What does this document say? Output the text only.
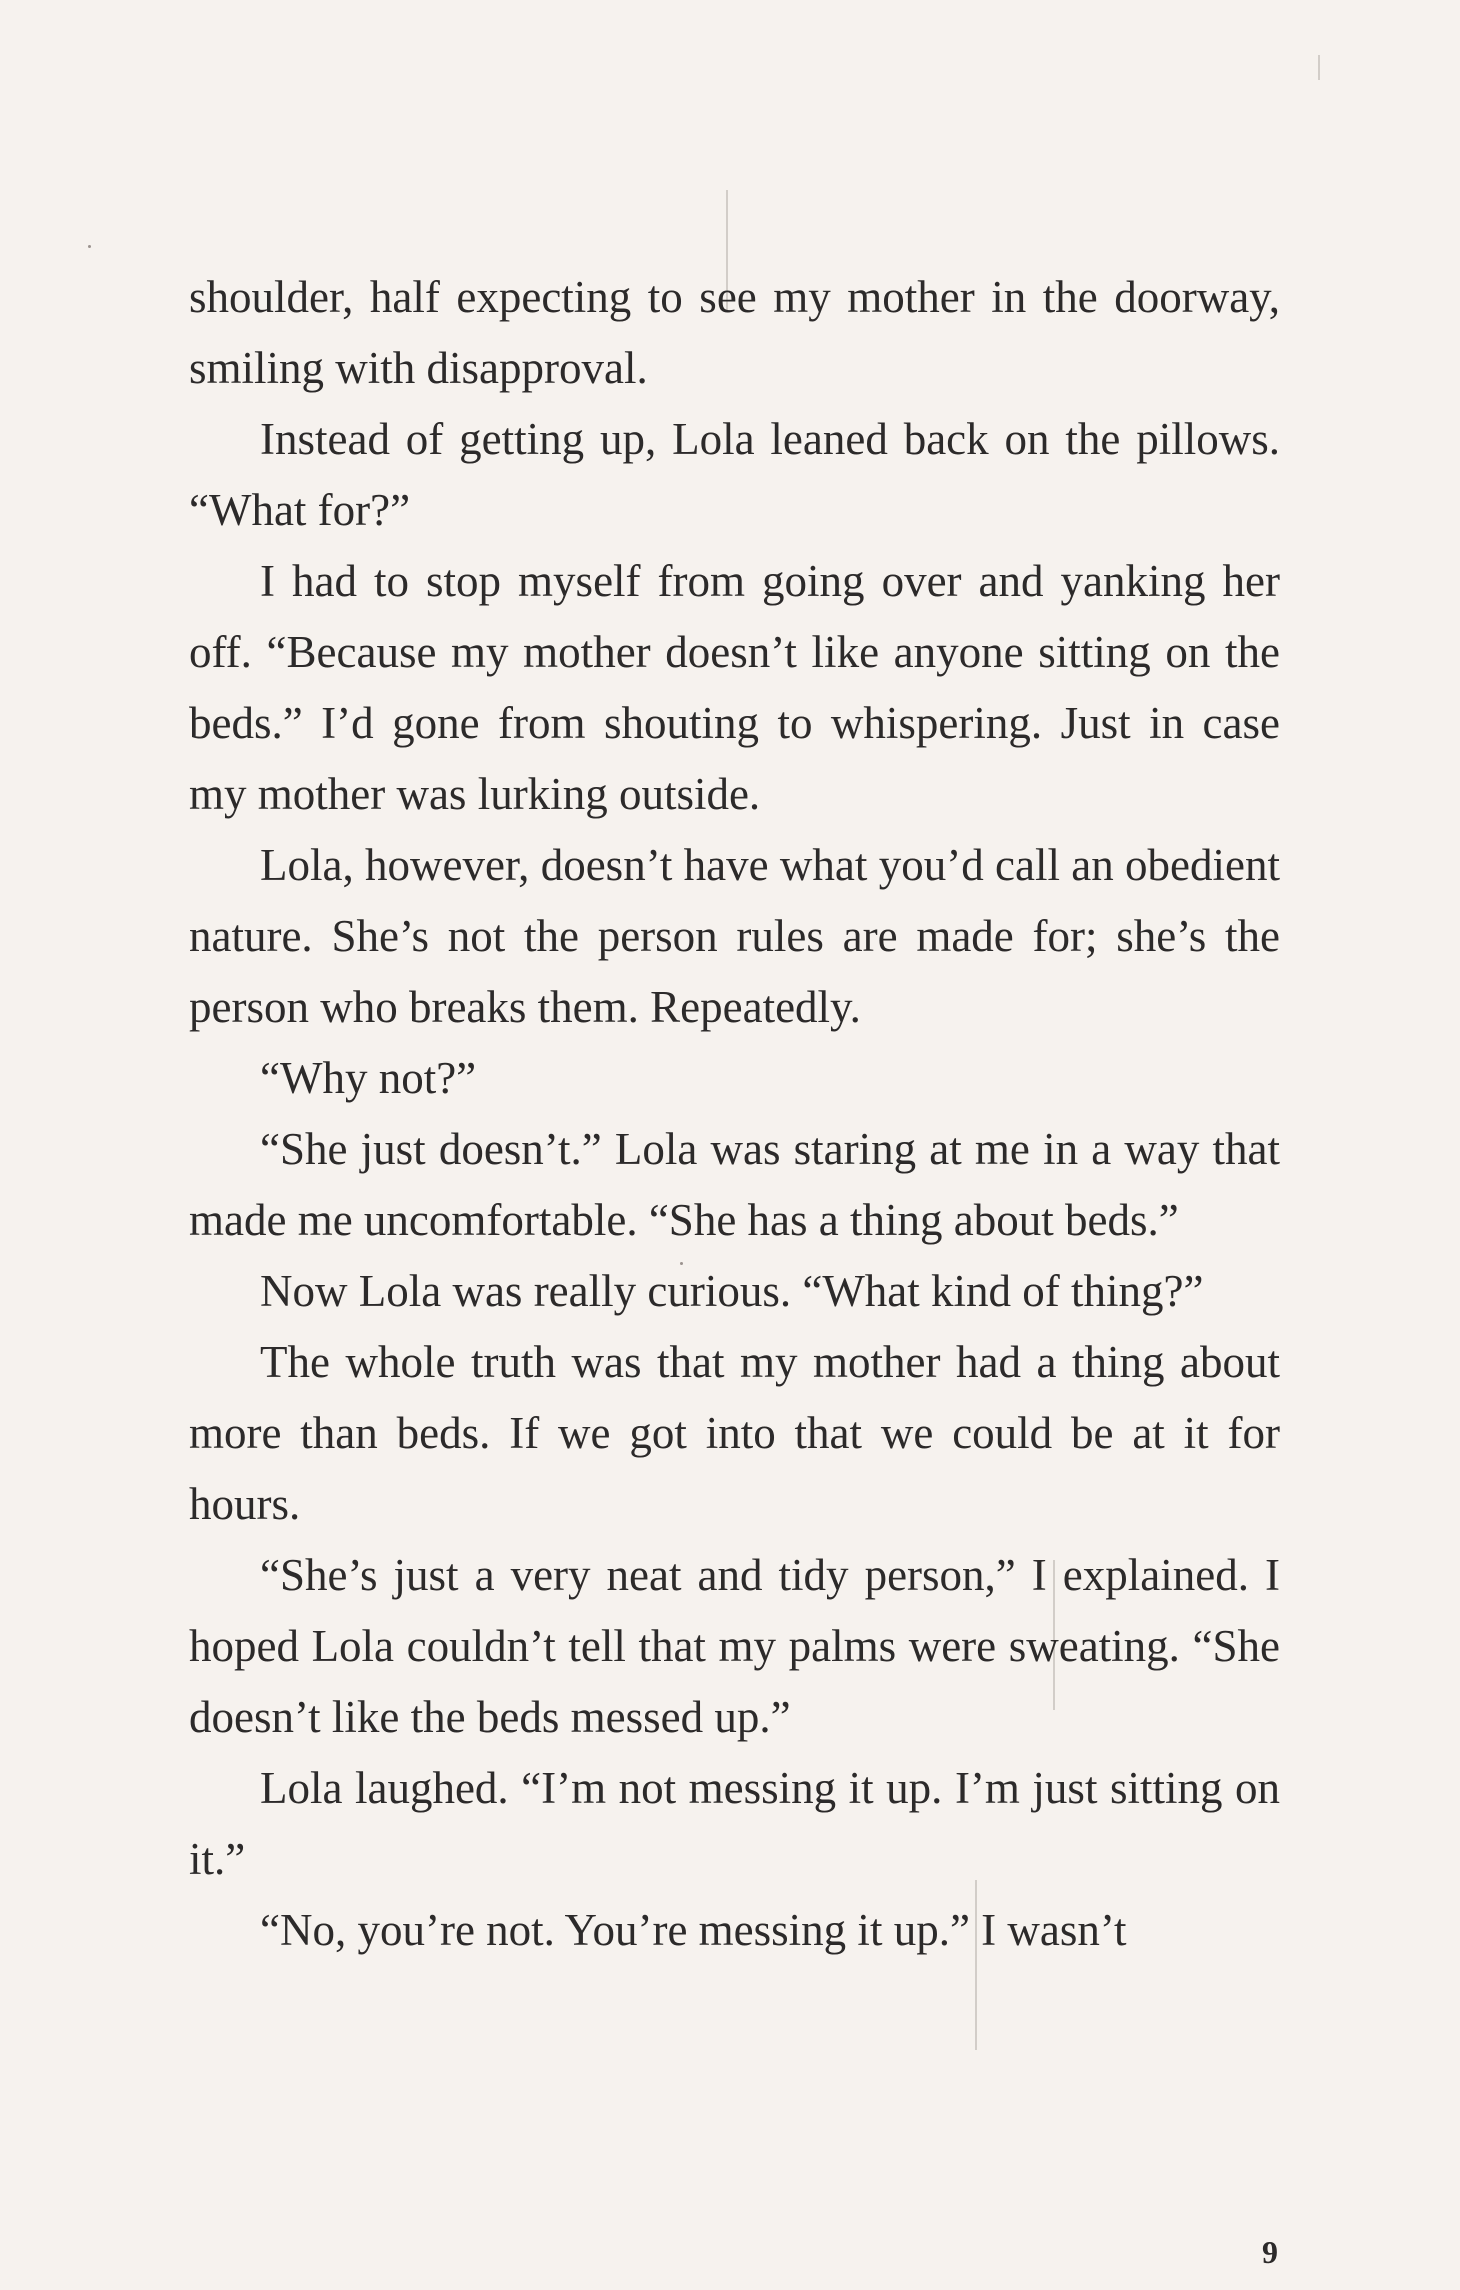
shoulder, half expecting to see my mother in the doorway, smiling with disapproval.

Instead of getting up, Lola leaned back on the pillows. “What for?”

I had to stop myself from going over and yanking her off. “Because my mother doesn’t like anyone sitting on the beds.” I’d gone from shouting to whispering. Just in case my mother was lurking outside.

Lola, however, doesn’t have what you’d call an obedient nature. She’s not the person rules are made for; she’s the person who breaks them. Repeatedly.

“Why not?”

“She just doesn’t.” Lola was staring at me in a way that made me uncomfortable. “She has a thing about beds.”

Now Lola was really curious. “What kind of thing?”

The whole truth was that my mother had a thing about more than beds. If we got into that we could be at it for hours.

“She’s just a very neat and tidy person,” I explained. I hoped Lola couldn’t tell that my palms were sweating. “She doesn’t like the beds messed up.”

Lola laughed. “I’m not messing it up. I’m just sitting on it.”

“No, you’re not. You’re messing it up.” I wasn’t

9
